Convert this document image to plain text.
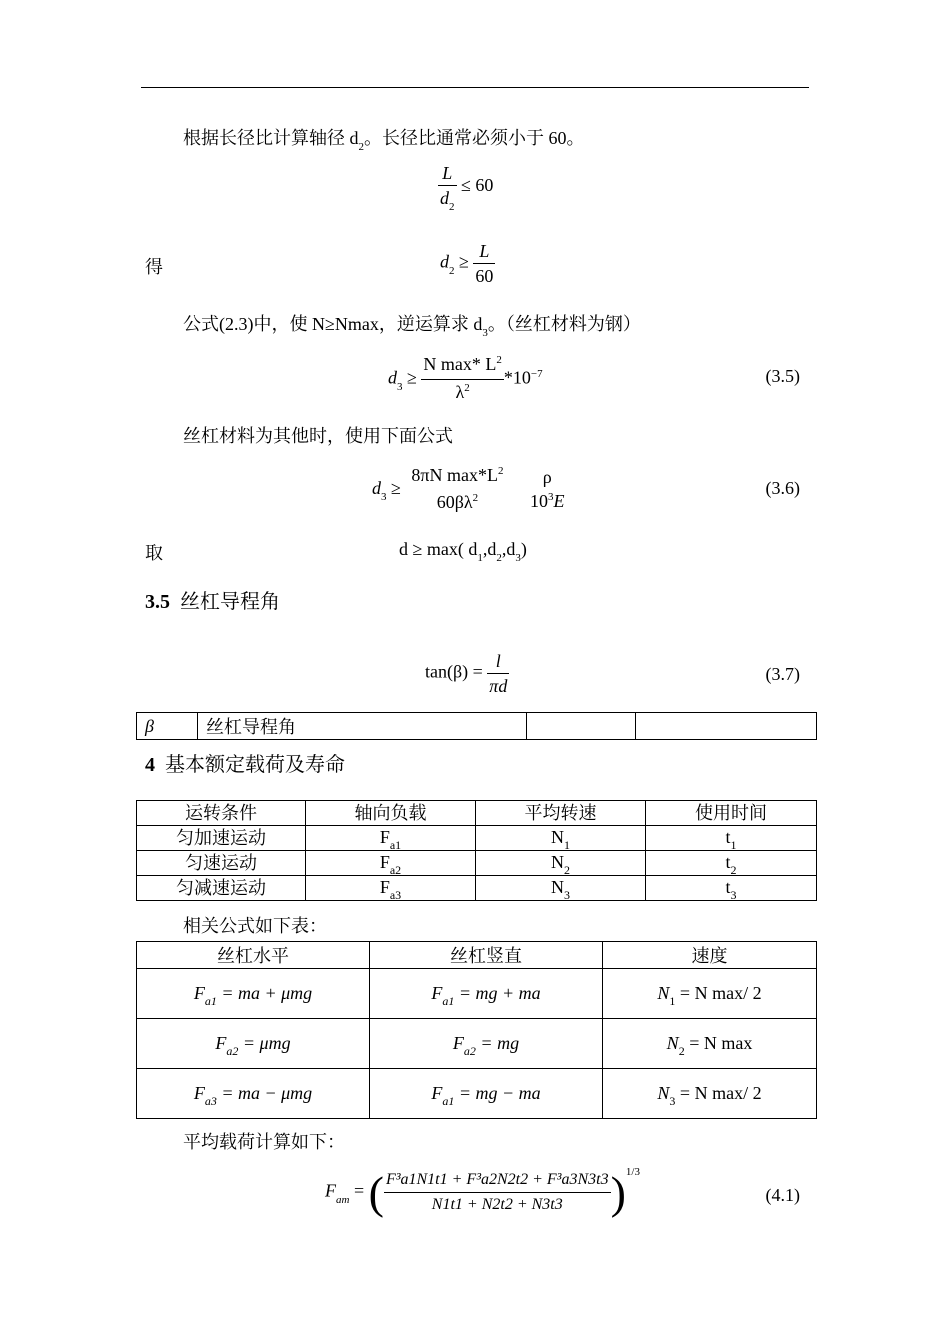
根据长径比计算轴径 $d_2$。长径比通常必须小于 60。
$\frac{L}{d_2} \le 60$
得	$d_2 \ge \frac{L}{60}$
公式(2.3)中，使 N≥Nmax，逆运算求 $d_3$。（丝杠材料为钢）
$d_3 \ge \frac{N \max* L^2}{\lambda^2} *10^{-7}$	(3.5)
丝杠材料为其他时，使用下面公式
$d_3$ ≥
8πN $\max*L^2$
$60\beta\lambda^2$

ρ
$10^3E$
(3.6)
取	d ≥ max( $d_1,d_2,d_3$)
3.5 丝杠导程角
$\tan(\beta) = \frac{l}{\pi d}$	(3.7)
β	丝杠导程角		
4 基本额定载荷及寿命
运转条件	轴向负载	平均转速	使用时间
匀加速运动	$F_{a1}$	$N_1$	$t_1$
匀速运动	$F_{a2}$	$N_2$	$t_2$
匀减速运动	$F_{a3}$	$N_3$	$t_3$
相关公式如下表：
丝杠水平	丝杠竖直	速度
$F_{a1}$ = ma + μmg	$F_{a1}$ = mg + ma	$N_1 = N$ max/ 2
$F_{a2} = \mu mg$	$F_{a2}$ = mg	$N_2 = N$ max
$F_{a3}$ = ma − μmg	$F_{a1}$ = mg − ma	$N_3 = N$ max/ 2
平均载荷计算如下：
$F_{am}$ = ( $\frac{\text{F³a1N1t1 + F³a2N2t2 + F³a3N3t3}}{N1t1 + N2t2 + N3t3} )^{1/3}$
(4.1)
